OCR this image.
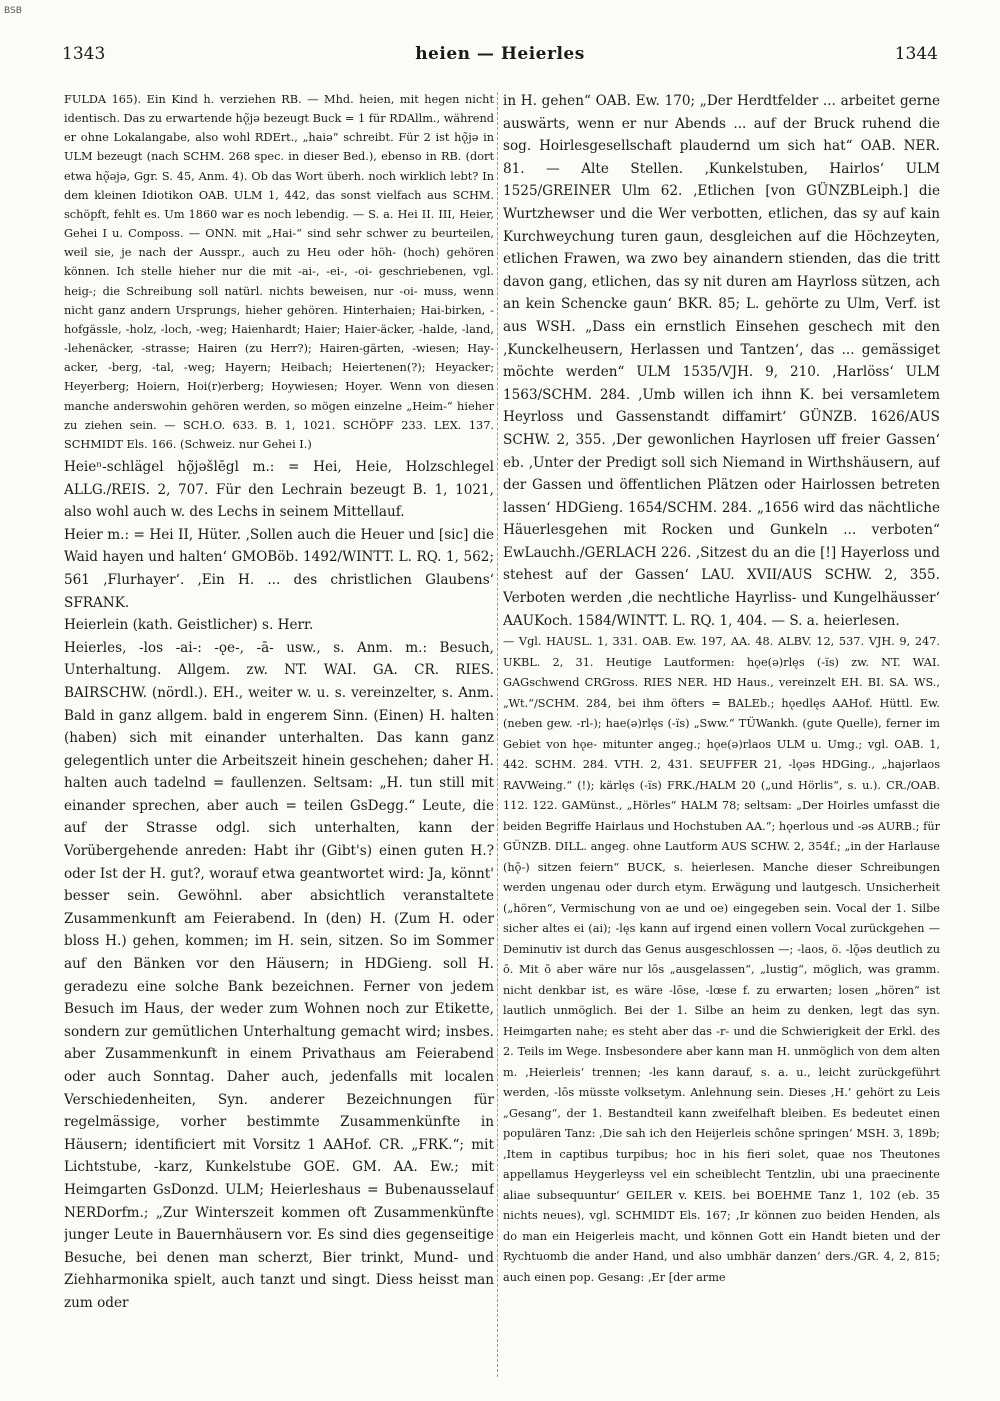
BSB
1343	heien — Heierles	1344

FULDA 165). Ein Kind h. verziehen RB. — Mhd. heien, mit hegen nicht identisch. Das zu erwartende hǫ̃jə bezeugt Buck = 1 für RDAllm., während er ohne Lokalangabe, also wohl RDErt., „haiə“ schreibt. Für 2 ist hǫ̃jə in ULM bezeugt (nach SCHM. 268 spec. in dieser Bed.), ebenso in RB. (dort etwa hǫ̃əjə, Ggr. S. 45, Anm. 4). Ob das Wort überh. noch wirklich lebt? In dem kleinen Idiotikon OAB. ULM 1, 442, das sonst vielfach aus SCHM. schöpft, fehlt es. Um 1860 war es noch lebendig. — S. a. Hei II. III, Heier, Gehei I u. Composs. — ONN. mit „Hai-“ sind sehr schwer zu beurteilen, weil sie, je nach der Ausspr., auch zu Heu oder höh- (hoch) gehören können. Ich stelle hieher nur die mit -ai-, -ei-, -oi- geschriebenen, vgl. heig-; die Schreibung soll natürl. nichts beweisen, nur -oi- muss, wenn nicht ganz andern Ursprungs, hieher gehören. Hinterhaien; Hai-birken, -hofgässle, -holz, -loch, -weg; Haienhardt; Haier; Haier-äcker, -halde, -land, -lehenäcker, -strasse; Hairen (zu Herr?); Hairen-gärten, -wiesen; Hay-acker, -berg, -tal, -weg; Hayern; Heibach; Heiertenen(?); Heyacker; Heyerberg; Hoiern, Hoi(r)erberg; Hoywiesen; Hoyer. Wenn von diesen manche anderswohin gehören werden, so mögen einzelne „Heim-“ hieher zu ziehen sein. — SCH.O. 633. B. 1, 1021. SCHÖPF 233. LEX. 137. SCHMIDT Els. 166. (Schweiz. nur Gehei I.)

Heieⁿ-schlägel hǫ̃jəšlēgl m.: = Hei, Heie, Holzschlegel ALLG./REIS. 2, 707. Für den Lechrain bezeugt B. 1, 1021, also wohl auch w. des Lechs in seinem Mittellauf.

Heier m.: = Hei II, Hüter. ‚Sollen auch die Heuer und [sic] die Waid hayen und halten‘ GMOBöb. 1492/WINTT. L. RQ. 1, 562; 561 ‚Flurhayer‘. ‚Ein H. ... des christlichen Glaubens‘ SFRANK.

Heierlein (kath. Geistlicher) s. Herr.

Heierles, -los -ai-: -ǫe-, -ā- usw., s. Anm. m.: Besuch, Unterhaltung. Allgem. zw. NT. WAI. GA. CR. RIES. BAIRSCHW. (nördl.). EH., weiter w. u. s. vereinzelter, s. Anm. Bald in ganz allgem. bald in engerem Sinn. (Einen) H. halten (haben) sich mit einander unterhalten. Das kann ganz gelegentlich unter die Arbeitszeit hinein geschehen; daher H. halten auch tadelnd = faullenzen. Seltsam: „H. tun still mit einander sprechen, aber auch = teilen GsDegg.“ Leute, die auf der Strasse odgl. sich unterhalten, kann der Vorübergehende anreden: Habt ihr (Gibt's) einen guten H.? oder Ist der H. gut?, worauf etwa geantwortet wird: Ja, könnt' besser sein. Gewöhnl. aber absichtlich veranstaltete Zusammenkunft am Feierabend. In (den) H. (Zum H. oder bloss H.) gehen, kommen; im H. sein, sitzen. So im Sommer auf den Bänken vor den Häusern; in HDGieng. soll H. geradezu eine solche Bank bezeichnen. Ferner von jedem Besuch im Haus, der weder zum Wohnen noch zur Etikette, sondern zur gemütlichen Unterhaltung gemacht wird; insbes. aber Zusammenkunft in einem Privathaus am Feierabend oder auch Sonntag. Daher auch, jedenfalls mit localen Verschiedenheiten, Syn. anderer Bezeichnungen für regelmässige, vorher bestimmte Zusammenkünfte in Häusern; identificiert mit Vorsitz 1 AAHof. CR. „FRK.“; mit Lichtstube, -karz, Kunkelstube GOE. GM. AA. Ew.; mit Heimgarten GsDonzd. ULM; Heierleshaus = Bubenausselauf NERDorfm.; „Zur Winterszeit kommen oft Zusammenkünfte junger Leute in Bauernhäusern vor. Es sind dies gegenseitige Besuche, bei denen man scherzt, Bier trinkt, Mund- und Ziehharmonika spielt, auch tanzt und singt. Diess heisst man zum oder

in H. gehen“ OAB. Ew. 170; „Der Herdtfelder ... arbeitet gerne auswärts, wenn er nur Abends ... auf der Bruck ruhend die sog. Hoirlesgesellschaft plaudernd um sich hat“ OAB. NER. 81. — Alte Stellen. ‚Kunkelstuben, Hairlos‘ ULM 1525/GREINER Ulm 62. ‚Etlichen [von GÜNZBLeiph.] die Wurtzhewser und die Wer verbotten, etlichen, das sy auf kain Kurchweychung turen gaun, desgleichen auf die Höchzeyten, etlichen Frawen, wa zwo bey ainandern stienden, das die tritt davon gang, etlichen, das sy nit duren am Hayrloss sützen, ach an kein Schencke gaun‘ BKR. 85; L. gehörte zu Ulm, Verf. ist aus WSH. „Dass ein ernstlich Einsehen geschech mit den ‚Kunckelheusern, Herlassen und Tantzen‘, das ... gemässiget möchte werden“ ULM 1535/VJH. 9, 210. ‚Harlöss‘ ULM 1563/SCHM. 284. ‚Umb willen ich ihnn K. bei versamletem Heyrloss und Gassenstandt diffamirt‘ GÜNZB. 1626/AUS SCHW. 2, 355. ‚Der gewonlichen Hayrlosen uff freier Gassen‘ eb. ‚Unter der Predigt soll sich Niemand in Wirthshäusern, auf der Gassen und öffentlichen Plätzen oder Hairlossen betreten lassen‘ HDGieng. 1654/SCHM. 284. „1656 wird das nächtliche Häuerlesgehen mit Rocken und Gunkeln ... verboten“ EwLauchh./GERLACH 226. ‚Sitzest du an die [!] Hayerloss und stehest auf der Gassen‘ LAU. XVII/AUS SCHW. 2, 355. Verboten werden ‚die nechtliche Hayrliss- und Kungelhäusser‘ AAUKoch. 1584/WINTT. L. RQ. 1, 404. — S. a. heierlesen.

— Vgl. HAUSL. 1, 331. OAB. Ew. 197, AA. 48. ALBV. 12, 537. VJH. 9, 247. UKBL. 2, 31. Heutige Lautformen: hǫe(ə)rlęs (-ïs) zw. NT. WAI. GAGschwend CRGross. RIES NER. HD Haus., vereinzelt EH. BI. SA. WS., „Wt.“/SCHM. 284, bei ihm öfters = BALEb.; hǫedlęs AAHof. Hüttl. Ew. (neben gew. -rl-); hae(ə)rlęs (-ïs) „Sww.“ TÜWankh. (gute Quelle), ferner im Gebiet von hǫe- mitunter angeg.; hǫe(ə)rlaos ULM u. Umg.; vgl. OAB. 1, 442. SCHM. 284. VTH. 2, 431. SEUFFER 21, -lǫəs HDGing., „hajərlaos RAVWeing.“ (!); kärlęs (-ïs) FRK./HALM 20 („und Hörlis“, s. u.). CR./OAB. 112. 122. GAMünst., „Hörles“ HALM 78; seltsam: „Der Hoirles umfasst die beiden Begriffe Hairlaus und Hochstuben AA.“; hǫerlous und -əs AURB.; für GÜNZB. DILL. angeg. ohne Lautform AUS SCHW. 2, 354f.; „in der Harlause (hǭ-) sitzen feiern“ BUCK, s. heierlesen. Manche dieser Schreibungen werden ungenau oder durch etym. Erwägung und lautgesch. Unsicherheit („hören“, Vermischung von ae und oe) eingegeben sein. Vocal der 1. Silbe sicher altes ei (ai); -lęs kann auf irgend einen vollern Vocal zurückgehen — Deminutiv ist durch das Genus ausgeschlossen —; -laos, ö. -lǭəs deutlich zu ō. Mit ō aber wäre nur lōs „ausgelassen“, „lustig“, möglich, was gramm. nicht denkbar ist, es wäre -lōse, -lœse f. zu erwarten; losen „hören“ ist lautlich unmöglich. Bei der 1. Silbe an heim zu denken, legt das syn. Heimgarten nahe; es steht aber das -r- und die Schwierigkeit der Erkl. des 2. Teils im Wege. Insbesondere aber kann man H. unmöglich von dem alten m. ‚Heierleis‘ trennen; -les kann darauf, s. a. u., leicht zurückgeführt werden, -lōs müsste volksetym. Anlehnung sein. Dieses ‚H.‘ gehört zu Leis „Gesang“, der 1. Bestandteil kann zweifelhaft bleiben. Es bedeutet einen populären Tanz: ‚Die sah ich den Heijerleis schône springen‘ MSH. 3, 189b; ‚Item in captibus turpibus; hoc in his fieri solet, quae nos Theutones appellamus Heygerleyss vel ein scheiblecht Tentzlin, ubi una praecinente aliae subsequuntur‘ GEILER v. KEIS. bei BOEHME Tanz 1, 102 (eb. 35 nichts neues), vgl. SCHMIDT Els. 167; ‚Ir können zuo beiden Henden, als do man ein Heigerleis macht, und können Gott ein Handt bieten und der Rychtuomb die ander Hand, und also umbhär danzen‘ ders./GR. 4, 2, 815; auch einen pop. Gesang: ‚Er [der arme
